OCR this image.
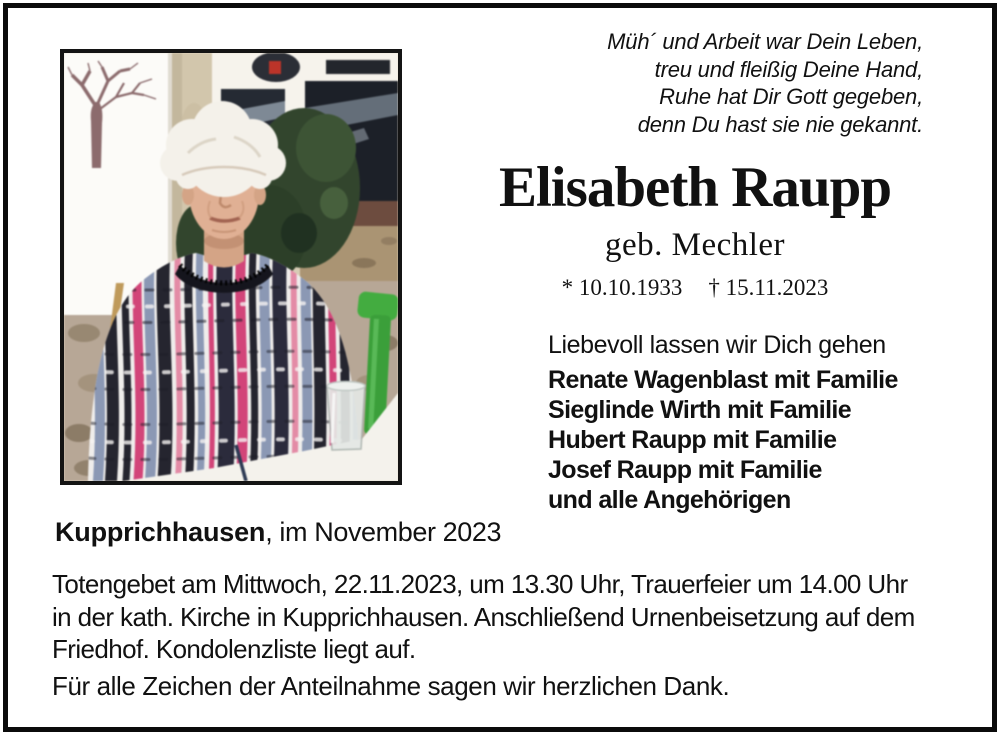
Müh´ und Arbeit war Dein Leben,
treu und fleißig Deine Hand,
Ruhe hat Dir Gott gegeben,
denn Du hast sie nie gekannt.
Elisabeth Raupp
geb. Mechler
* 10.10.1933 † 15.11.2023
Liebevoll lassen wir Dich gehen
Renate Wagenblast mit Familie
Sieglinde Wirth mit Familie
Hubert Raupp mit Familie
Josef Raupp mit Familie
und alle Angehörigen
Kupprichhausen, im November 2023
Totengebet am Mittwoch, 22.11.2023, um 13.30 Uhr, Trauerfeier um 14.00 Uhr
in der kath. Kirche in Kupprichhausen. Anschließend Urnenbeisetzung auf dem
Friedhof. Kondolenzliste liegt auf.
Für alle Zeichen der Anteilnahme sagen wir herzlichen Dank.
